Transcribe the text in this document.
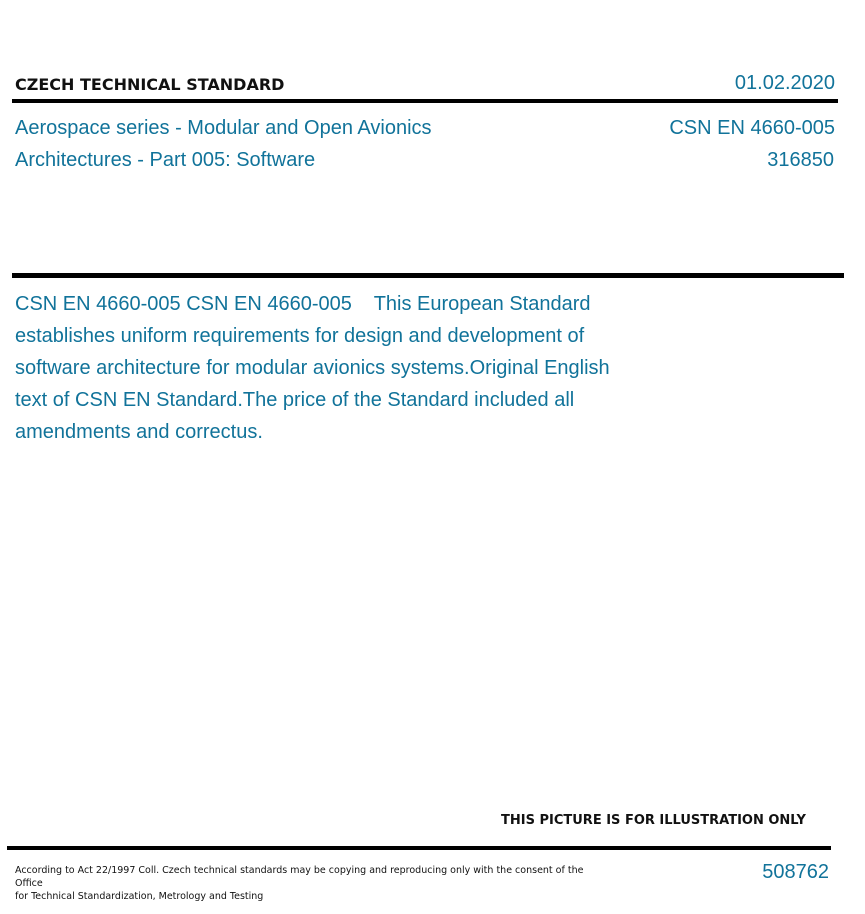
CZECH TECHNICAL STANDARD	01.02.2020
Aerospace series - Modular and Open Avionics
Architectures - Part 005: Software
CSN EN 4660-005
316850
CSN EN 4660-005 CSN EN 4660-005    This European Standard establishes uniform requirements for design and development of software architecture for modular avionics systems.Original English text of CSN EN Standard.The price of the Standard included all amendments and correctus.
THIS PICTURE IS FOR ILLUSTRATION ONLY
According to Act 22/1997 Coll. Czech technical standards may be copying and reproducing only with the consent of the Office
for Technical Standardization, Metrology and Testing
508762
